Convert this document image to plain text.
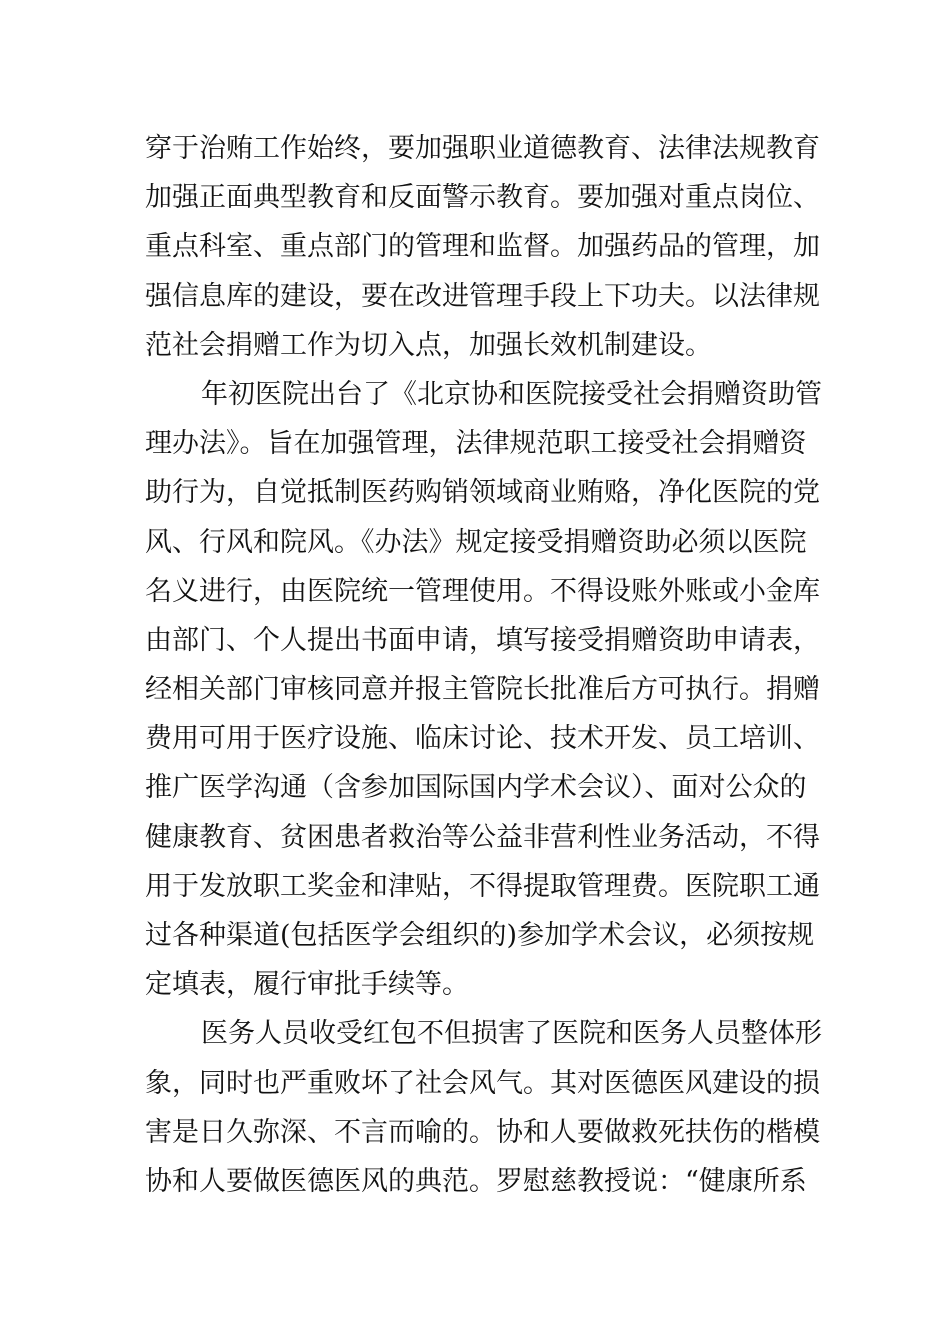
穿于治贿工作始终，要加强职业道德教育、法律法规教育
加强正面典型教育和反面警示教育。要加强对重点岗位、
重点科室、重点部门的管理和监督。加强药品的管理，加
强信息库的建设，要在改进管理手段上下功夫。以法律规
范社会捐赠工作为切入点，加强长效机制建设。
年初医院出台了《北京协和医院接受社会捐赠资助管
理办法》。旨在加强管理，法律规范职工接受社会捐赠资
助行为，自觉抵制医药购销领域商业贿赂，净化医院的党
风、行风和院风。《办法》规定接受捐赠资助必须以医院
名义进行，由医院统一管理使用。不得设账外账或小金库
由部门、个人提出书面申请，填写接受捐赠资助申请表，
经相关部门审核同意并报主管院长批准后方可执行。捐赠
费用可用于医疗设施、临床讨论、技术开发、员工培训、
推广医学沟通（含参加国际国内学术会议）、面对公众的
健康教育、贫困患者救治等公益非营利性业务活动，不得
用于发放职工奖金和津贴，不得提取管理费。医院职工通
过各种渠道(包括医学会组织的)参加学术会议，必须按规
定填表，履行审批手续等。
医务人员收受红包不但损害了医院和医务人员整体形
象，同时也严重败坏了社会风气。其对医德医风建设的损
害是日久弥深、不言而喻的。协和人要做救死扶伤的楷模
协和人要做医德医风的典范。罗慰慈教授说：“健康所系
